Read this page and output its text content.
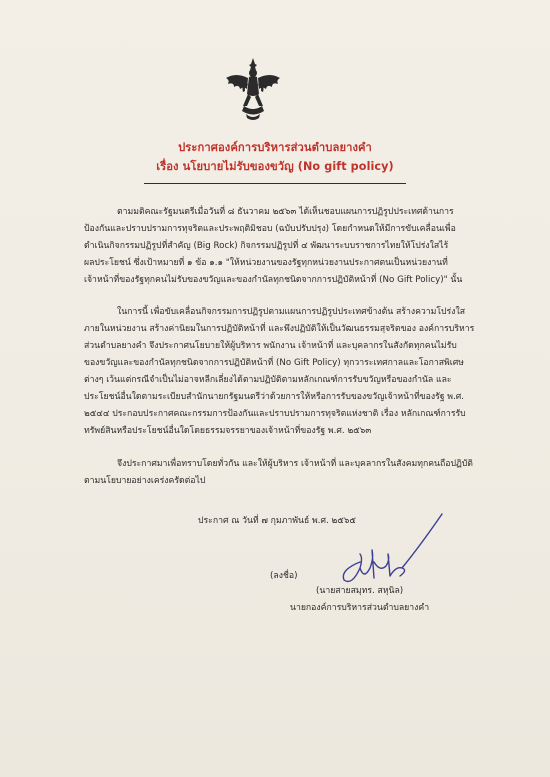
ประกาศองค์การบริหารส่วนตำบลยางคำ
เรื่อง นโยบายไม่รับของขวัญ (No gift policy)
ตามมติคณะรัฐมนตรีเมื่อวันที่ ๘ ธันวาคม ๒๕๖๓ ได้เห็นชอบแผนการปฏิรูปประเทศด้านการ
ป้องกันและปราบปรามการทุจริตและประพฤติมิชอบ (ฉบับปรับปรุง) โดยกำหนดให้มีการขับเคลื่อนเพื่อ
ดำเนินกิจกรรมปฏิรูปที่สำคัญ (Big Rock) กิจกรรมปฏิรูปที่ ๔ พัฒนาระบบราชการไทยให้โปร่งใสไร้
ผลประโยชน์ ซึ่งเป้าหมายที่ ๑ ข้อ ๑.๑ "ให้หน่วยงานของรัฐทุกหน่วยงานประกาศตนเป็นหน่วยงานที่
เจ้าหน้าที่ของรัฐทุกคนไม่รับของขวัญและของกำนัลทุกชนิดจากการปฏิบัติหน้าที่ (No Gift Policy)" นั้น
ในการนี้ เพื่อขับเคลื่อนกิจกรรมการปฏิรูปตามแผนการปฏิรูปประเทศข้างต้น สร้างความโปร่งใส
ภายในหน่วยงาน สร้างค่านิยมในการปฏิบัติหน้าที่ และพึงปฏิบัติให้เป็นวัฒนธรรมสุจริตของ องค์การบริหาร
ส่วนตำบลยางคำ จึงประกาศนโยบายให้ผู้บริหาร พนักงาน เจ้าหน้าที่ และบุคลากรในสังกัดทุกคนไม่รับ
ของขวัญและของกำนัลทุกชนิดจากการปฏิบัติหน้าที่ (No Gift Policy) ทุกวาระเทศกาลและโอกาสพิเศษ
ต่างๆ เว้นแต่กรณีจำเป็นไม่อาจหลีกเลี่ยงได้ตามปฏิบัติตามหลักเกณฑ์การรับขวัญหรือของกำนัล และ
ประโยชน์อื่นใดตามระเบียบสำนักนายกรัฐมนตรีว่าด้วยการให้หรือการรับของขวัญเจ้าหน้าที่ของรัฐ พ.ศ.
๒๕๔๔ ประกอบประกาศคณะกรรมการป้องกันและปราบปรามการทุจริตแห่งชาติ เรื่อง หลักเกณฑ์การรับ
ทรัพย์สินหรือประโยชน์อื่นใดโดยธรรมจรรยาของเจ้าหน้าที่ของรัฐ พ.ศ. ๒๕๖๓
จึงประกาศมาเพื่อทราบโดยทั่วกัน และให้ผู้บริหาร เจ้าหน้าที่ และบุคลากรในสังคมทุกคนถือปฏิบัติ
ตามนโยบายอย่างเคร่งครัดต่อไป
ประกาศ ณ วันที่ ๗ กุมภาพันธ์ พ.ศ. ๒๕๖๕
(ลงชื่อ)
(นายสายสมุทร. สหุนิล)
นายกองค์การบริหารส่วนตำบลยางคำ
